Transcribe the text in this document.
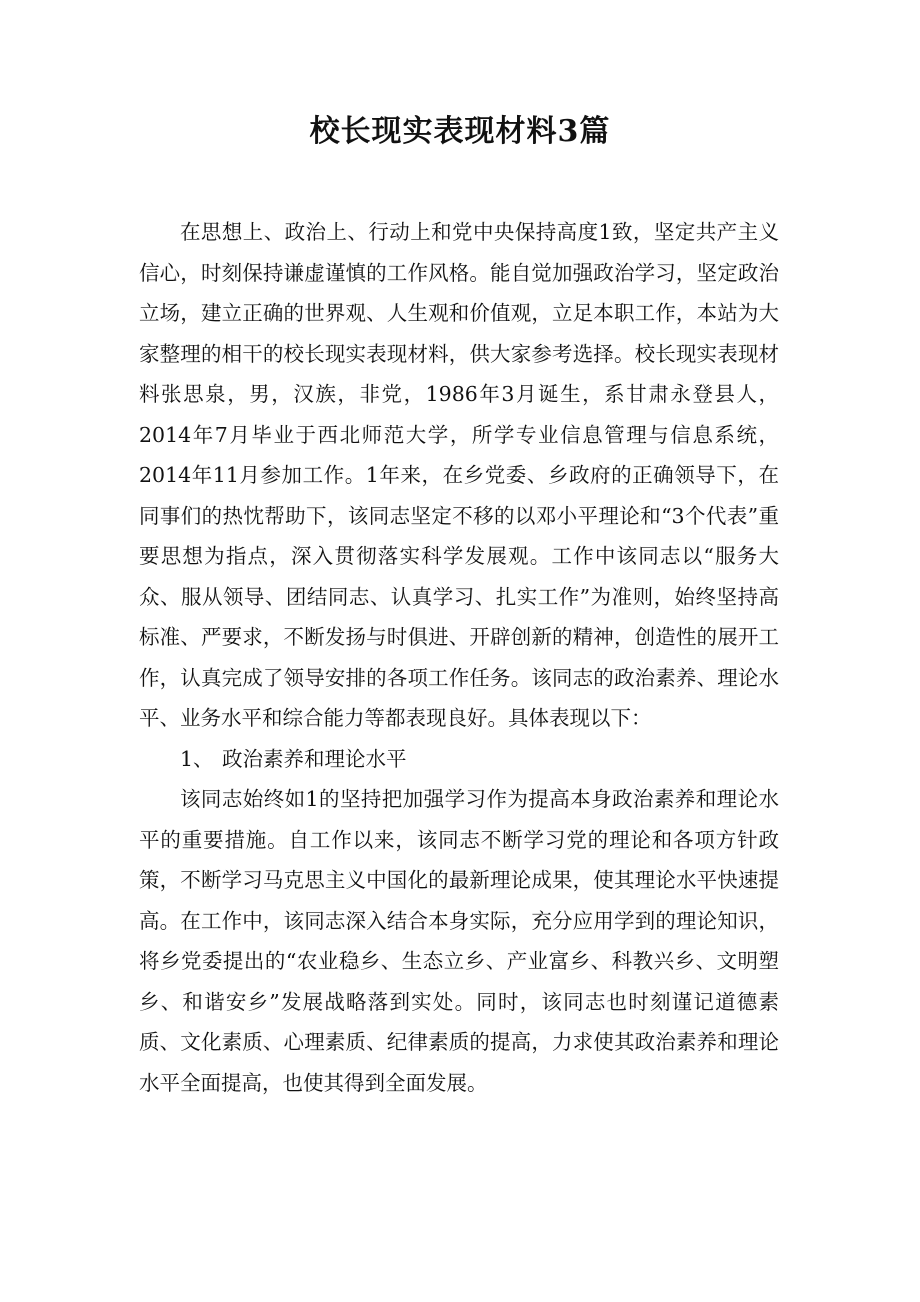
校长现实表现材料3篇

在思想上、政治上、行动上和党中央保持高度1致，坚定共产主义信心，时刻保持谦虚谨慎的工作风格。能自觉加强政治学习，坚定政治立场，建立正确的世界观、人生观和价值观，立足本职工作，本站为大家整理的相干的校长现实表现材料，供大家参考选择。校长现实表现材料张思泉，男，汉族，非党，1986年3月诞生，系甘肃永登县人，2014年7月毕业于西北师范大学，所学专业信息管理与信息系统，2014年11月参加工作。1年来，在乡党委、乡政府的正确领导下，在同事们的热忱帮助下，该同志坚定不移的以邓小平理论和“3个代表”重要思想为指点，深入贯彻落实科学发展观。工作中该同志以“服务大众、服从领导、团结同志、认真学习、扎实工作”为准则，始终坚持高标准、严要求，不断发扬与时俱进、开辟创新的精神，创造性的展开工作，认真完成了领导安排的各项工作任务。该同志的政治素养、理论水平、业务水平和综合能力等都表现良好。具体表现以下：

1、 政治素养和理论水平

该同志始终如1的坚持把加强学习作为提高本身政治素养和理论水平的重要措施。自工作以来，该同志不断学习党的理论和各项方针政策，不断学习马克思主义中国化的最新理论成果，使其理论水平快速提高。在工作中，该同志深入结合本身实际，充分应用学到的理论知识，将乡党委提出的“农业稳乡、生态立乡、产业富乡、科教兴乡、文明塑乡、和谐安乡”发展战略落到实处。同时，该同志也时刻谨记道德素质、文化素质、心理素质、纪律素质的提高，力求使其政治素养和理论水平全面提高，也使其得到全面发展。
